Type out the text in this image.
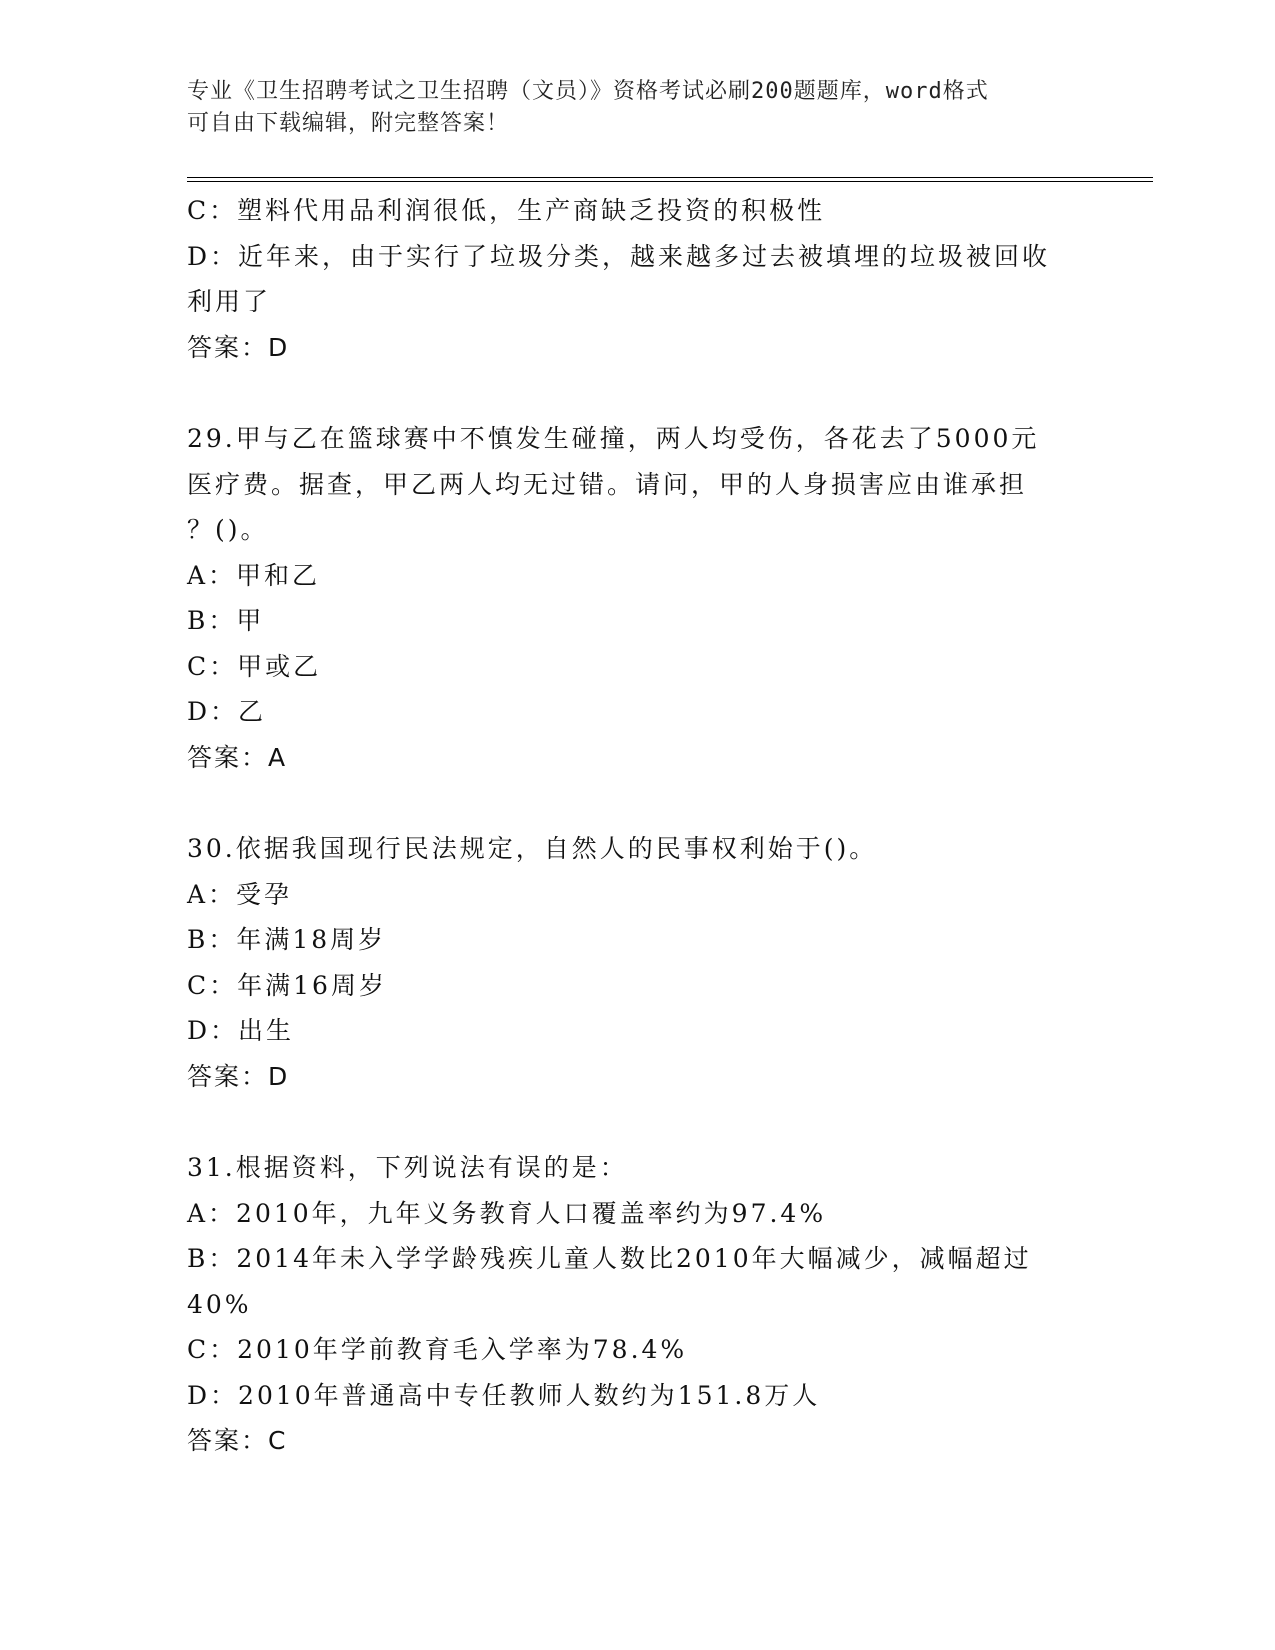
专业《卫生招聘考试之卫生招聘（文员）》资格考试必刷200题题库，word格式
可自由下载编辑，附完整答案！

C：塑料代用品利润很低，生产商缺乏投资的积极性

D：近年来，由于实行了垃圾分类，越来越多过去被填埋的垃圾被回收

利用了

答案：D

29.甲与乙在篮球赛中不慎发生碰撞，两人均受伤，各花去了5000元

医疗费。据查，甲乙两人均无过错。请问，甲的人身损害应由谁承担

？()。

A：甲和乙

B：甲

C：甲或乙

D：乙

答案：A

30.依据我国现行民法规定，自然人的民事权利始于()。

A：受孕

B：年满18周岁

C：年满16周岁

D：出生

答案：D

31.根据资料，下列说法有误的是：

A：2010年，九年义务教育人口覆盖率约为97.4%

B：2014年未入学学龄残疾儿童人数比2010年大幅减少，减幅超过

40%

C：2010年学前教育毛入学率为78.4%

D：2010年普通高中专任教师人数约为151.8万人

答案：C
